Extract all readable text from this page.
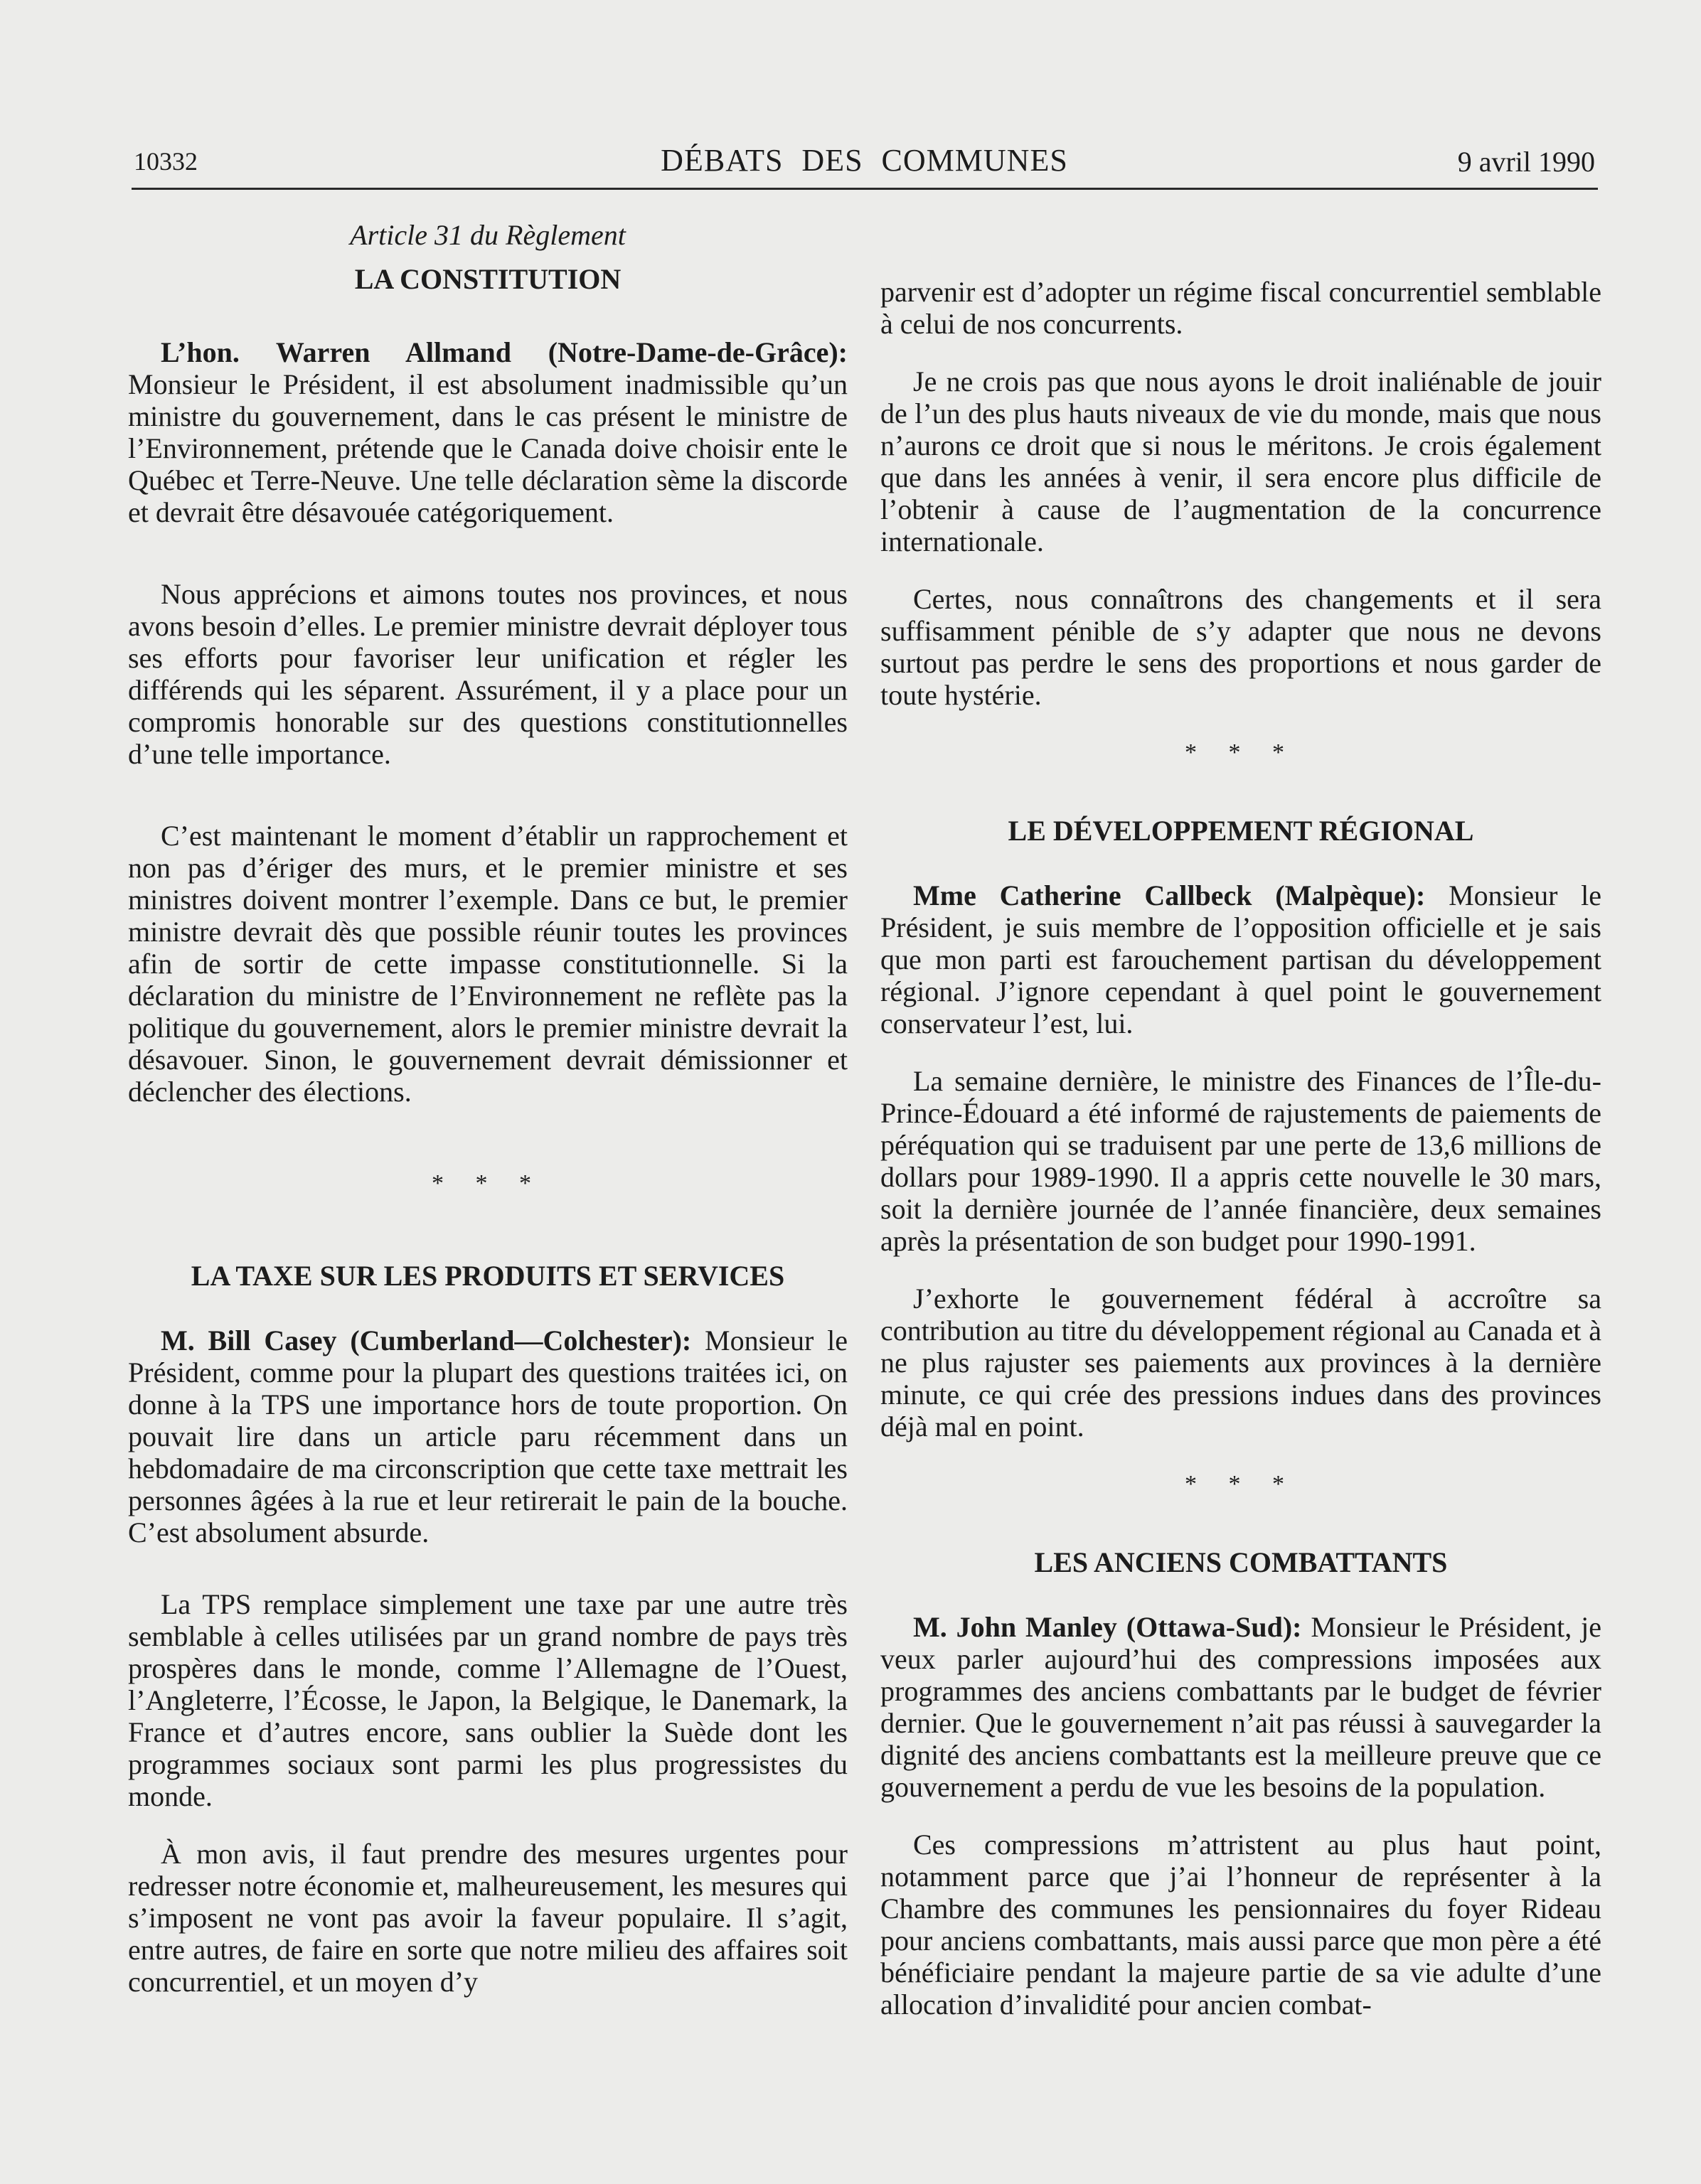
10332	DÉBATS DES COMMUNES	9 avril 1990
Article 31 du Règlement
LA CONSTITUTION

L’hon. Warren Allmand (Notre-Dame-de-Grâce): Monsieur le Président, il est absolument inadmissible qu’un ministre du gouvernement, dans le cas présent le ministre de l’Environnement, prétende que le Canada doive choisir ente le Québec et Terre-Neuve. Une telle déclaration sème la discorde et devrait être désavouée catégoriquement.

Nous apprécions et aimons toutes nos provinces, et nous avons besoin d’elles. Le premier ministre devrait déployer tous ses efforts pour favoriser leur unification et régler les différends qui les séparent. Assurément, il y a place pour un compromis honorable sur des questions constitutionnelles d’une telle importance.

C’est maintenant le moment d’établir un rapprochement et non pas d’ériger des murs, et le premier ministre et ses ministres doivent montrer l’exemple. Dans ce but, le premier ministre devrait dès que possible réunir toutes les provinces afin de sortir de cette impasse constitutionnelle. Si la déclaration du ministre de l’Environnement ne reflète pas la politique du gouvernement, alors le premier ministre devrait la désavouer. Sinon, le gouvernement devrait démissionner et déclencher des élections.

* * *
LA TAXE SUR LES PRODUITS ET SERVICES

M. Bill Casey (Cumberland—Colchester): Monsieur le Président, comme pour la plupart des questions traitées ici, on donne à la TPS une importance hors de toute proportion. On pouvait lire dans un article paru récemment dans un hebdomadaire de ma circonscription que cette taxe mettrait les personnes âgées à la rue et leur retirerait le pain de la bouche. C’est absolument absurde.

La TPS remplace simplement une taxe par une autre très semblable à celles utilisées par un grand nombre de pays très prospères dans le monde, comme l’Allemagne de l’Ouest, l’Angleterre, l’Écosse, le Japon, la Belgique, le Danemark, la France et d’autres encore, sans oublier la Suède dont les programmes sociaux sont parmi les plus progressistes du monde.

À mon avis, il faut prendre des mesures urgentes pour redresser notre économie et, malheureusement, les mesures qui s’imposent ne vont pas avoir la faveur populaire. Il s’agit, entre autres, de faire en sorte que notre milieu des affaires soit concurrentiel, et un moyen d’y

parvenir est d’adopter un régime fiscal concurrentiel semblable à celui de nos concurrents.

Je ne crois pas que nous ayons le droit inaliénable de jouir de l’un des plus hauts niveaux de vie du monde, mais que nous n’aurons ce droit que si nous le méritons. Je crois également que dans les années à venir, il sera encore plus difficile de l’obtenir à cause de l’augmentation de la concurrence internationale.

Certes, nous connaîtrons des changements et il sera suffisamment pénible de s’y adapter que nous ne devons surtout pas perdre le sens des proportions et nous garder de toute hystérie.

* * *
LE DÉVELOPPEMENT RÉGIONAL

Mme Catherine Callbeck (Malpèque): Monsieur le Président, je suis membre de l’opposition officielle et je sais que mon parti est farouchement partisan du développement régional. J’ignore cependant à quel point le gouvernement conservateur l’est, lui.

La semaine dernière, le ministre des Finances de l’Île-du-Prince-Édouard a été informé de rajustements de paiements de péréquation qui se traduisent par une perte de 13,6 millions de dollars pour 1989-1990. Il a appris cette nouvelle le 30 mars, soit la dernière journée de l’année financière, deux semaines après la présentation de son budget pour 1990-1991.

J’exhorte le gouvernement fédéral à accroître sa contribution au titre du développement régional au Canada et à ne plus rajuster ses paiements aux provinces à la dernière minute, ce qui crée des pressions indues dans des provinces déjà mal en point.

* * *
LES ANCIENS COMBATTANTS

M. John Manley (Ottawa-Sud): Monsieur le Président, je veux parler aujourd’hui des compressions imposées aux programmes des anciens combattants par le budget de février dernier. Que le gouvernement n’ait pas réussi à sauvegarder la dignité des anciens combattants est la meilleure preuve que ce gouvernement a perdu de vue les besoins de la population.

Ces compressions m’attristent au plus haut point, notamment parce que j’ai l’honneur de représenter à la Chambre des communes les pensionnaires du foyer Rideau pour anciens combattants, mais aussi parce que mon père a été bénéficiaire pendant la majeure partie de sa vie adulte d’une allocation d’invalidité pour ancien combat-
